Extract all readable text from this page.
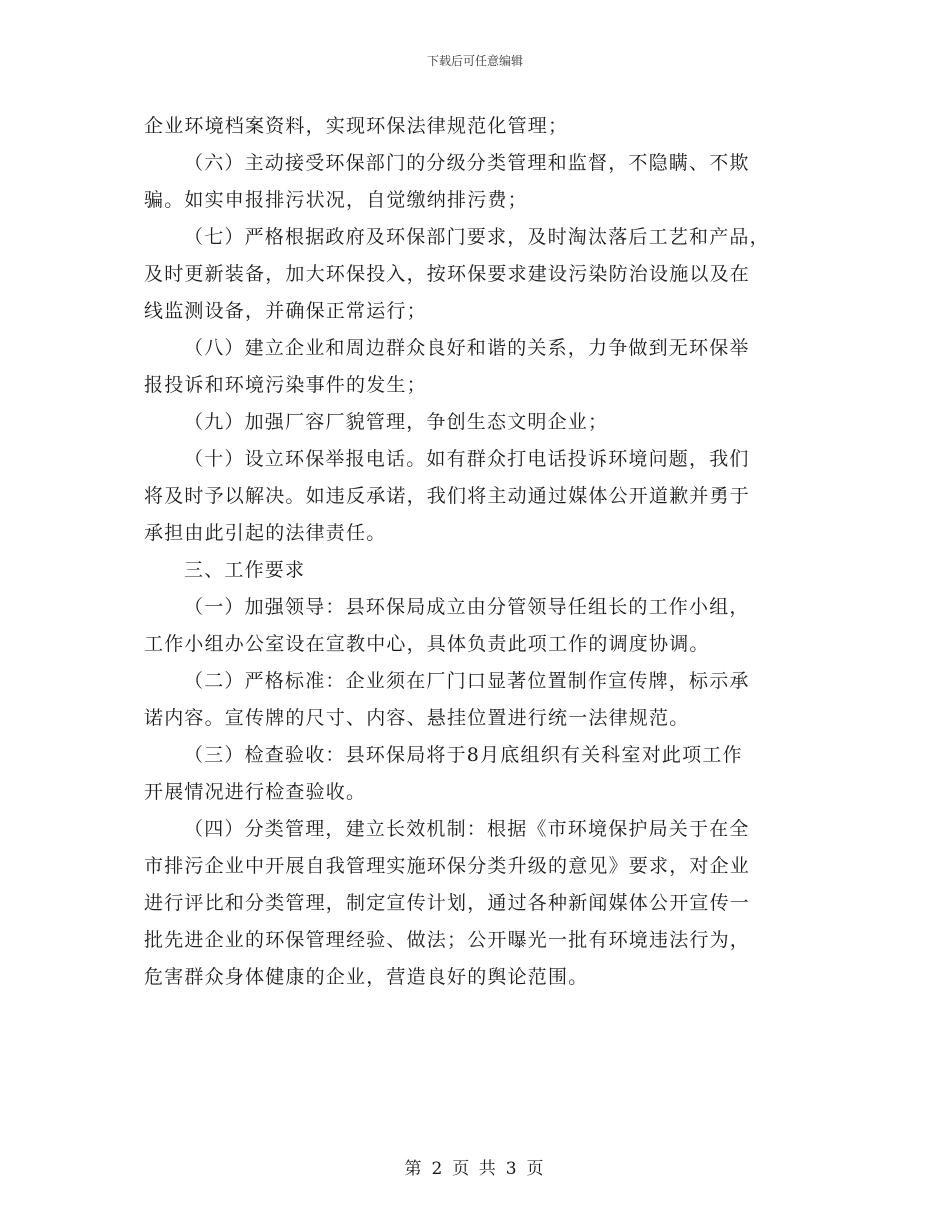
下载后可任意编辑
企业环境档案资料，实现环保法律规范化管理；
（六）主动接受环保部门的分级分类管理和监督，不隐瞒、不欺
骗。如实申报排污状况，自觉缴纳排污费；
（七）严格根据政府及环保部门要求，及时淘汰落后工艺和产品，
及时更新装备，加大环保投入，按环保要求建设污染防治设施以及在
线监测设备，并确保正常运行；
（八）建立企业和周边群众良好和谐的关系，力争做到无环保举
报投诉和环境污染事件的发生；
（九）加强厂容厂貌管理，争创生态文明企业；
（十）设立环保举报电话。如有群众打电话投诉环境问题，我们
将及时予以解决。如违反承诺，我们将主动通过媒体公开道歉并勇于
承担由此引起的法律责任。
三、工作要求
（一）加强领导：县环保局成立由分管领导任组长的工作小组，
工作小组办公室设在宣教中心，具体负责此项工作的调度协调。
（二）严格标准：企业须在厂门口显著位置制作宣传牌，标示承
诺内容。宣传牌的尺寸、内容、悬挂位置进行统一法律规范。
（三）检查验收：县环保局将于8月底组织有关科室对此项工作
开展情况进行检查验收。
（四）分类管理，建立长效机制：根据《市环境保护局关于在全
市排污企业中开展自我管理实施环保分类升级的意见》要求，对企业
进行评比和分类管理，制定宣传计划，通过各种新闻媒体公开宣传一
批先进企业的环保管理经验、做法；公开曝光一批有环境违法行为，
危害群众身体健康的企业，营造良好的舆论范围。
第 2 页 共 3 页
